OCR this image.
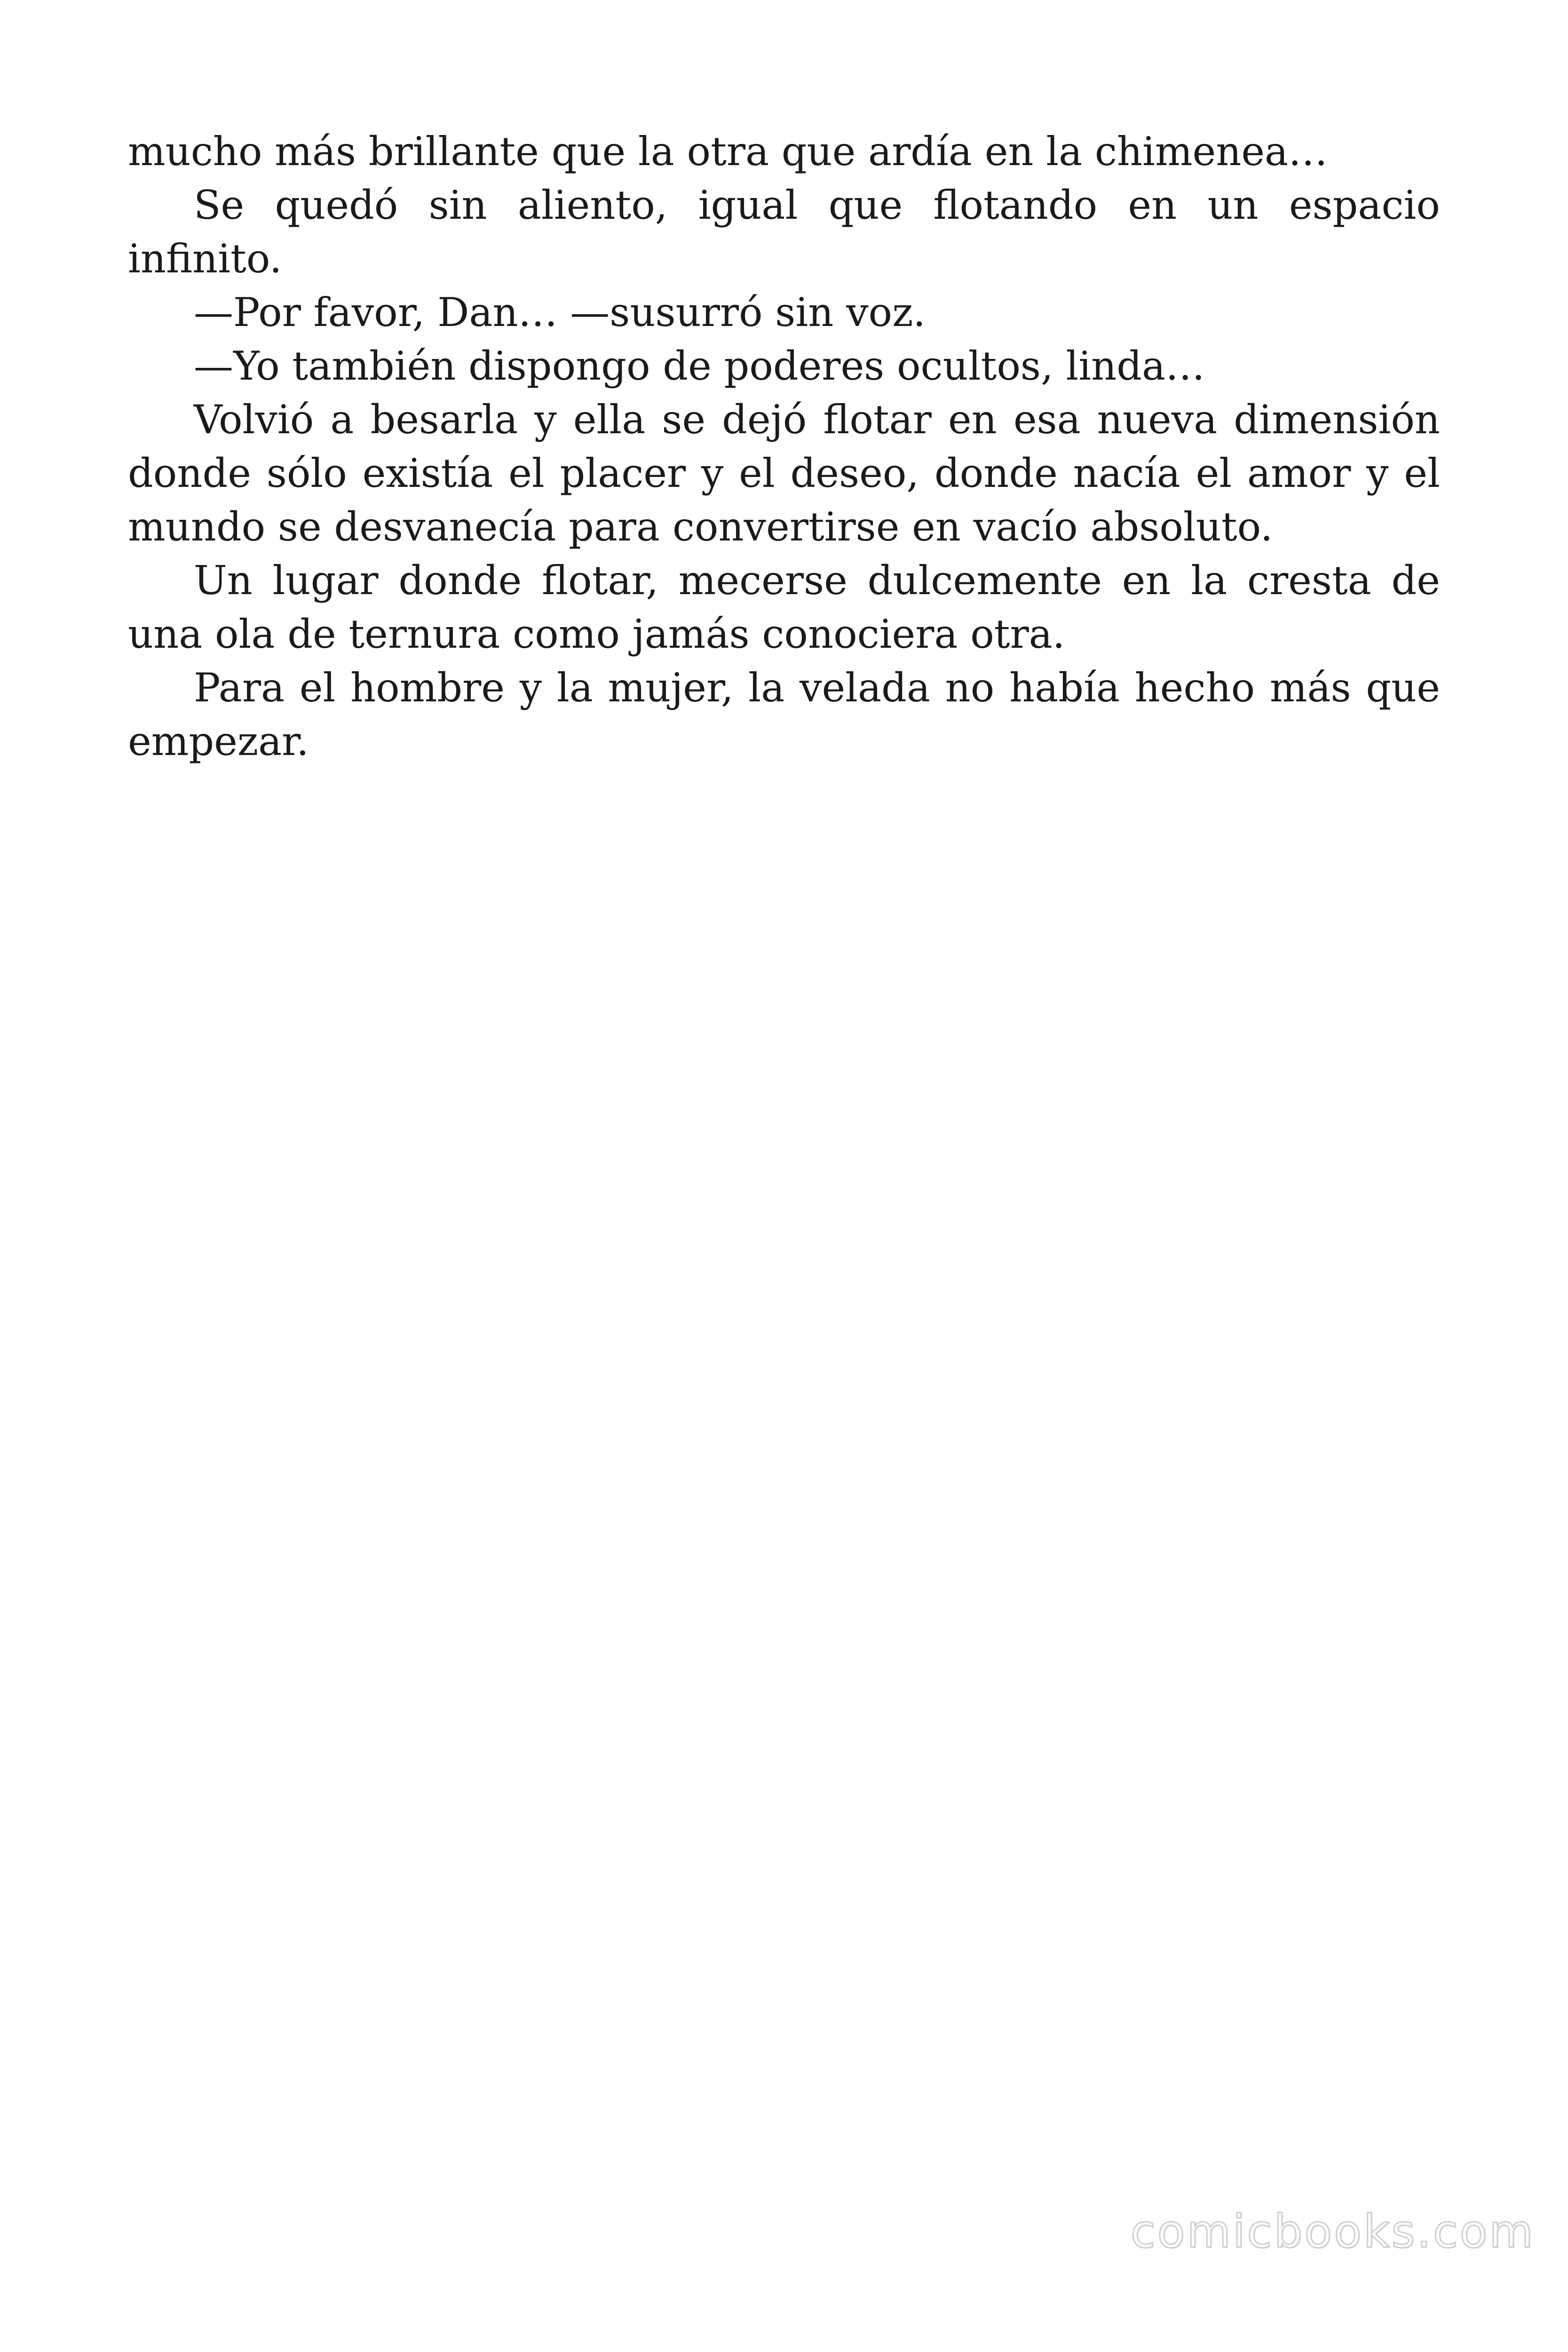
mucho más brillante que la otra que ardía en la chimenea…

Se quedó sin aliento, igual que flotando en un espacio infinito.

—Por favor, Dan… —susurró sin voz.

—Yo también dispongo de poderes ocultos, linda…

Volvió a besarla y ella se dejó flotar en esa nueva dimensión donde sólo existía el placer y el deseo, donde nacía el amor y el mundo se desvanecía para convertirse en vacío absoluto.

Un lugar donde flotar, mecerse dulcemente en la cresta de una ola de ternura como jamás conociera otra.

Para el hombre y la mujer, la velada no había hecho más que empezar.

comicbooks.com
